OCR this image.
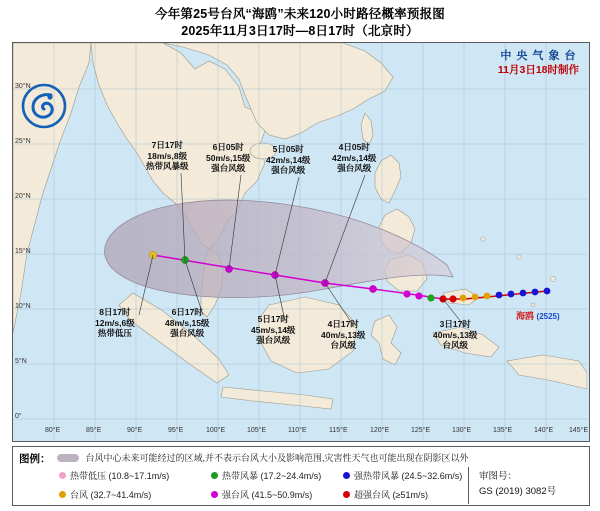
今年第25号台风“海鸥”未来120小时路径概率预报图
2025年11月3日17时—8日17时（北京时）
80°E	85°E	90°E	95°E	100°E	105°E	110°E	115°E	120°E	125°E	130°E	135°E	140°E 145°E
30°N
25°N
20°N
15°N
10°N
5°N
0°
中 央 气 象 台
11月3日18时制作
海鸥 (2525)
7日17时
18m/s,8级
热带风暴级
6日05时
50m/s,15级
强台风级
5日05时
42m/s,14级
强台风级
4日05时
42m/s,14级
强台风级
8日17时
12m/s,6级
热带低压
6日17时
48m/s,15级
强台风级
5日17时
45m/s,14级
强台风级
4日17时
40m/s,13级
台风级
3日17时
40m/s,13级
台风级
图例：	台风中心未来可能经过的区域,并不表示台风大小及影响范围,灾害性天气也可能出现在阴影区以外
热带低压 (10.8~17.1m/s)	热带风暴 (17.2~24.4m/s)	强热带风暴 (24.5~32.6m/s)
台风 (32.7~41.4m/s)	强台风 (41.5~50.9m/s)	超强台风 (≥51m/s)
审图号：
GS (2019) 3082号
